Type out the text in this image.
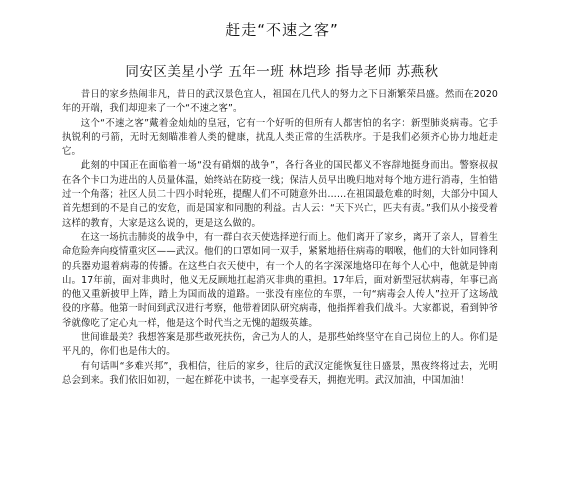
赶走“不速之客”
同安区美星小学 五年一班 林垲珍 指导老师 苏燕秋

昔日的家乡热闹非凡，昔日的武汉景色宜人，祖国在几代人的努力之下日渐繁荣昌盛。然而在2020年的开端，我们却迎来了一个“不速之客”。

这个“不速之客”戴着金灿灿的皇冠，它有一个好听的但所有人都害怕的名字：新型肺炎病毒。它手执锐利的弓箭，无时无刻瞄准着人类的健康，扰乱人类正常的生活秩序。于是我们必须齐心协力地赶走它。

此刻的中国正在面临着一场“没有硝烟的战争”，各行各业的国民都义不容辞地挺身而出。警察叔叔在各个卡口为进出的人员量体温，始终站在防疫一线；保洁人员早出晚归地对每个地方进行消毒，生怕错过一个角落；社区人员二十四小时轮班，提醒人们不可随意外出……在祖国最危难的时刻，大部分中国人首先想到的不是自己的安危，而是国家和同胞的利益。古人云：“天下兴亡，匹夫有责。”我们从小接受着这样的教育，大家是这么说的，更是这么做的。

在这一场抗击肺炎的战争中，有一群白衣天使选择逆行而上。他们离开了家乡，离开了亲人，冒着生命危险奔向疫情重灾区——武汉。他们的口罩如同一双手，紧紧地捂住病毒的咽喉，他们的大针如同锋利的兵器劝退着病毒的传播。在这些白衣天使中，有一个人的名字深深地烙印在每个人心中，他就是钟南山。17年前，面对非典时，他义无反顾地扛起消灭非典的重担。17年后，面对新型冠状病毒，年事已高的他又重新披甲上阵，踏上为国而战的道路。一张没有座位的车票，一句“病毒会人传人”拉开了这场战役的序幕。他第一时间到武汉进行考察，他带着团队研究病毒，他指挥着我们战斗。大家都说，看到钟爷爷就像吃了定心丸一样，他是这个时代当之无愧的超级英雄。

世间谁最美？我想答案是那些敢死扶伤，舍己为人的人，是那些始终坚守在自己岗位上的人。你们是平凡的，你们也是伟大的。

有句话叫“多难兴邦”，我相信，往后的家乡，往后的武汉定能恢复往日盛景，黑夜终将过去，光明总会到来。我们依旧如初，一起在鲜花中读书，一起享受春天，拥抱光明。武汉加油，中国加油！
